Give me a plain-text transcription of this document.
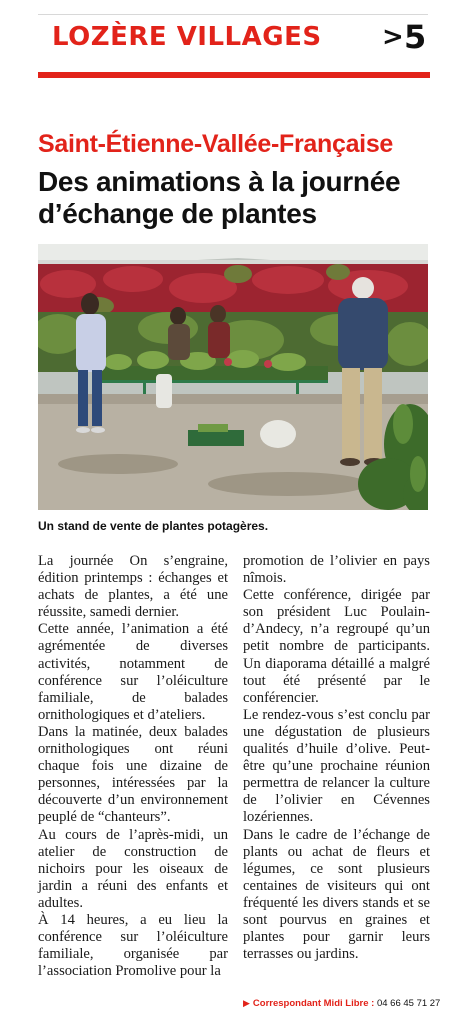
LOZÈRE VILLAGES > 5
Saint-Étienne-Vallée-Française
Des animations à la journée d’échange de plantes
Un stand de vente de plantes potagères.

La journée On s’engraine, édition printemps : échanges et achats de plantes, a été une réussite, samedi dernier.

Cette année, l’animation a été agrémentée de diverses activités, notamment de conférence sur l’oléiculture familiale, de balades ornithologiques et d’ateliers.

Dans la matinée, deux balades ornithologiques ont réuni chaque fois une dizaine de personnes, intéressées par la découverte d’un environnement peuplé de “chanteurs”.

Au cours de l’après-midi, un atelier de construction de nichoirs pour les oiseaux de jardin a réuni des enfants et adultes.

À 14 heures, a eu lieu la conférence sur l’oléiculture familiale, organisée par l’association Promolive pour la

promotion de l’olivier en pays nîmois.

Cette conférence, dirigée par son président Luc Poulain-d’Andecy, n’a regroupé qu’un petit nombre de participants. Un diaporama détaillé a malgré tout été présenté par le conférencier.

Le rendez-vous s’est conclu par une dégustation de plusieurs qualités d’huile d’olive. Peut-être qu’une prochaine réunion permettra de relancer la culture de l’olivier en Cévennes lozériennes.

Dans le cadre de l’échange de plants ou achat de fleurs et légumes, ce sont plusieurs centaines de visiteurs qui ont fréquenté les divers stands et se sont pourvus en graines et plantes pour garnir leurs terrasses ou jardins.

▶ Correspondant Midi Libre : 04 66 45 71 27
